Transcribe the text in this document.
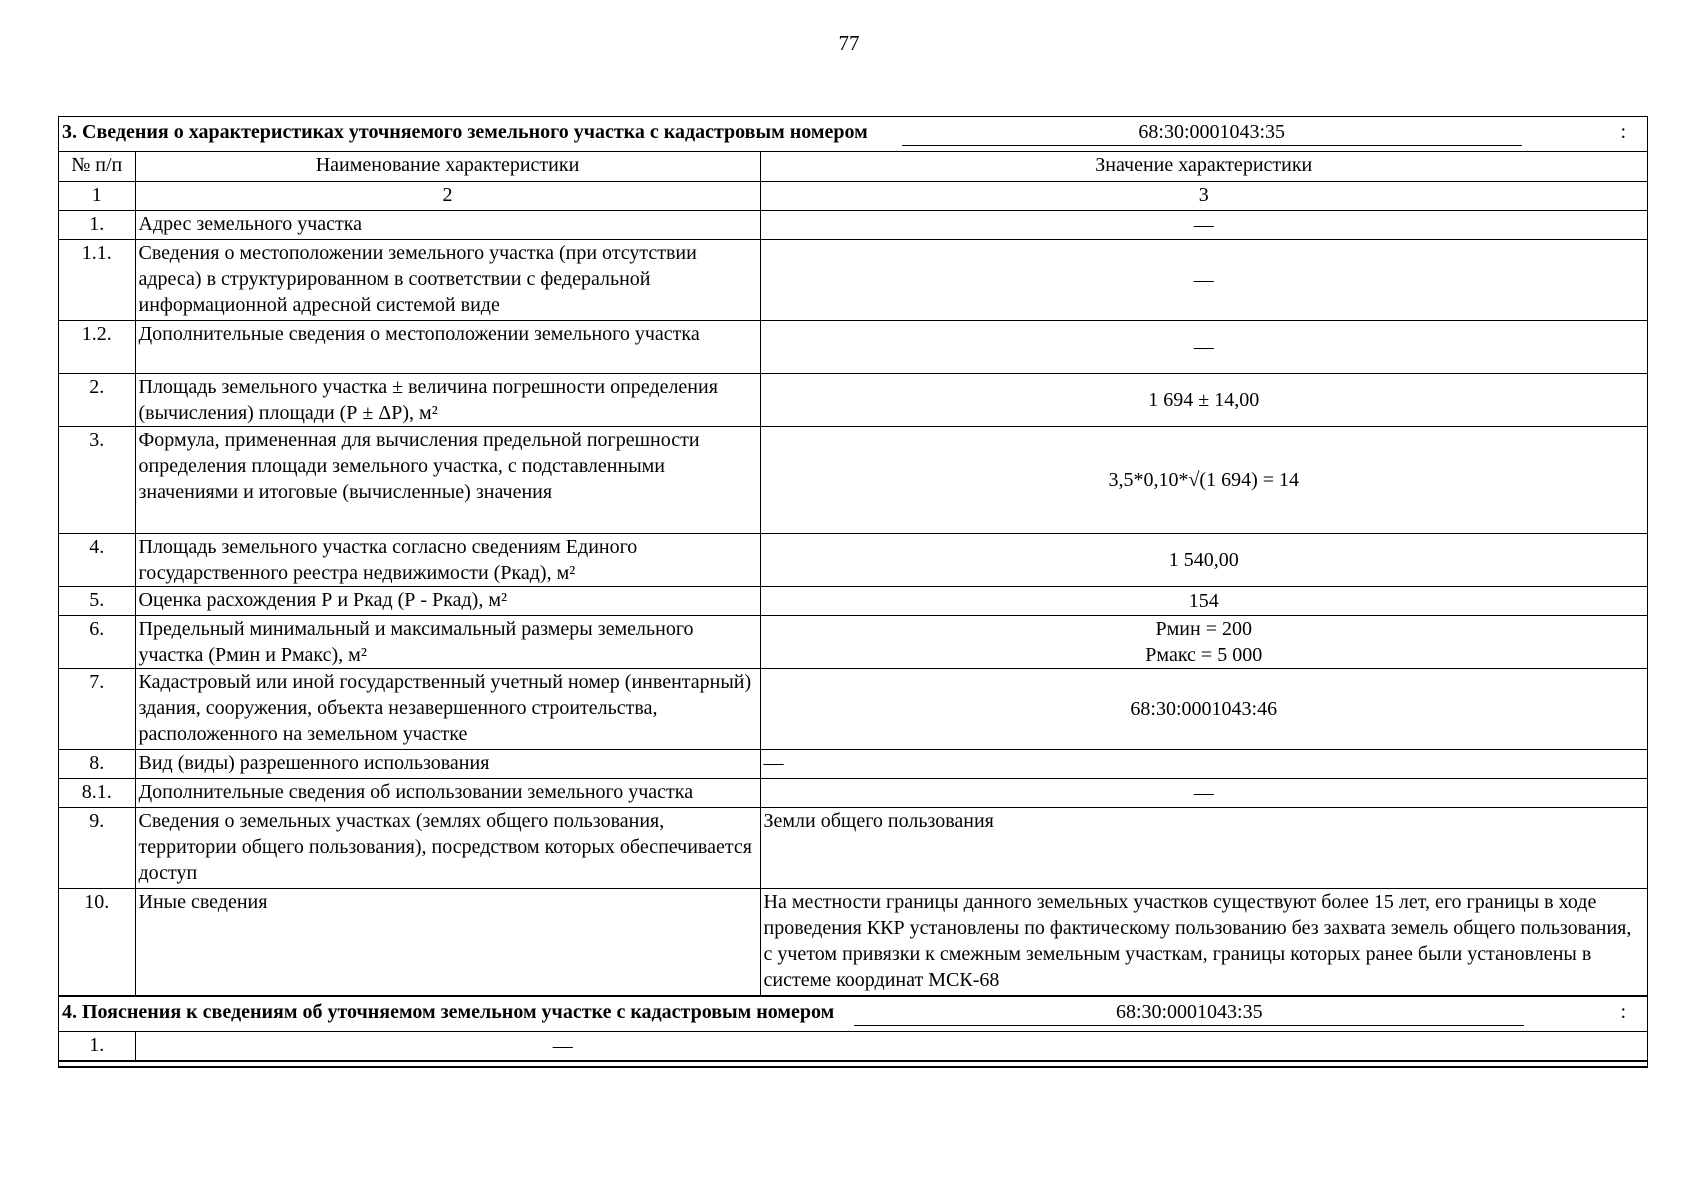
77
3. Сведения о характеристиках уточняемого земельного участка с кадастровым номером	68:30:0001043:35	:
№ п/п	Наименование характеристики	Значение характеристики
1	2	3
1.	Адрес земельного участка	—

1.1.	Сведения о местоположении земельного участка (при отсутствии адреса) в структурированном в соответствии с федеральной информационной адресной системой виде	—

1.2.	Дополнительные сведения о местоположении земельного участка	—

2.	Площадь земельного участка ± величина погрешности определения (вычисления) площади (Р ± ΔР), м²	1 694 ± 14,00

3.	Формула, примененная для вычисления предельной погрешности определения площади земельного участка, с подставленными значениями и итоговые (вычисленные) значения	3,5*0,10*√(1 694) = 14

4.	Площадь земельного участка согласно сведениям Единого государственного реестра недвижимости (Ркад), м²	1 540,00

5.	Оценка расхождения Р и Ркад (Р - Ркад), м²	154

6.	Предельный минимальный и максимальный размеры земельного участка (Рмин и Рмакс), м²	Рмин = 200
Рмакс = 5 000

7.	Кадастровый или иной государственный учетный номер (инвентарный) здания, сооружения, объекта незавершенного строительства, расположенного на земельном участке	68:30:0001043:46

8.	Вид (виды) разрешенного использования	—

8.1.	Дополнительные сведения об использовании земельного участка	—

9.	Сведения о земельных участках (землях общего пользования, территории общего пользования), посредством которых обеспечивается доступ	Земли общего пользования

10.	Иные сведения	На местности границы данного земельных участков существуют более 15 лет, его границы в ходе проведения ККР установлены по фактическому пользованию без захвата земель общего пользования, с учетом привязки к смежным земельным участкам, границы которых ранее были установлены в системе координат МСК-68
4. Пояснения к сведениям об уточняемом земельном участке с кадастровым номером	68:30:0001043:35	:
1.	—
